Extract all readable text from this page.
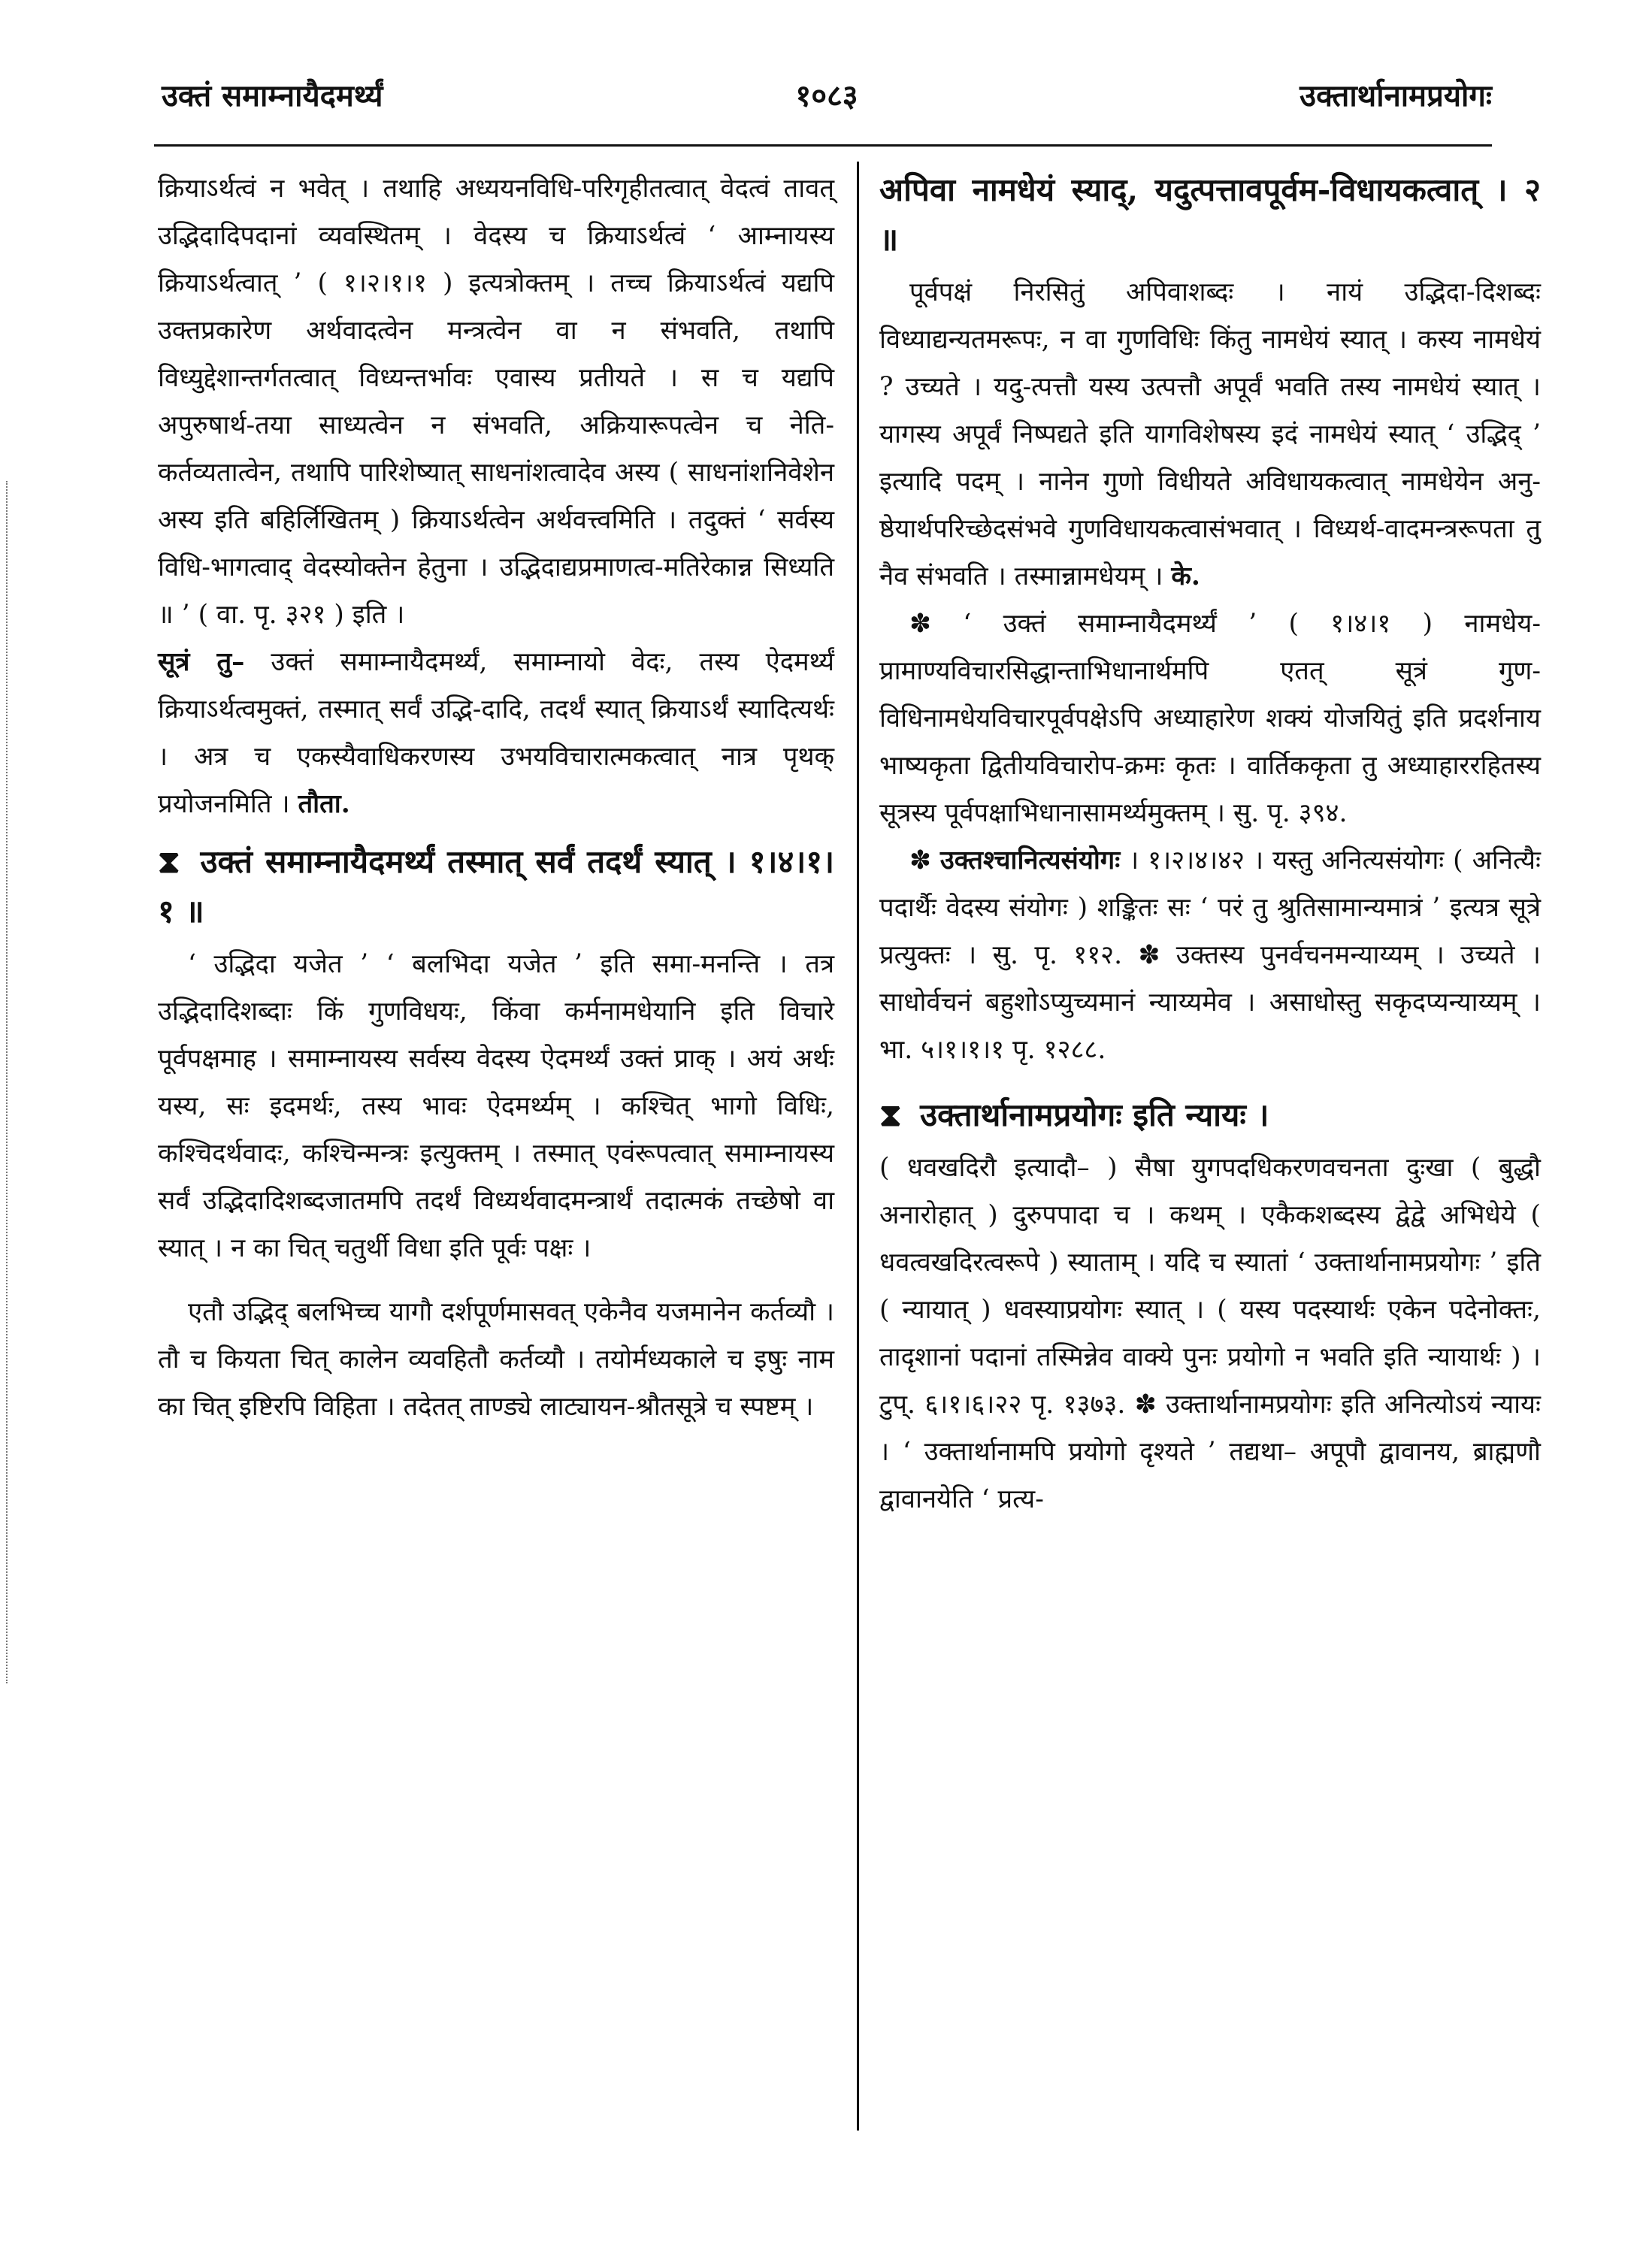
उक्तं समाम्नायैदमर्थ्यं	१०८३	उक्तार्थानामप्रयोगः

क्रियाऽर्थत्वं न भवेत् । तथाहि अध्ययनविधि-परिगृहीतत्वात् वेदत्वं तावत् उद्भिदादिपदानां व्यवस्थितम् । वेदस्य च क्रियाऽर्थत्वं ‘ आम्नायस्य क्रियाऽर्थत्वात् ’ ( १।२।१।१ ) इत्यत्रोक्तम् । तच्च क्रियाऽर्थत्वं यद्यपि उक्तप्रकारेण अर्थवादत्वेन मन्त्रत्वेन वा न संभवति, तथापि विध्युद्देशान्तर्गतत्वात् विध्यन्तर्भावः एवास्य प्रतीयते । स च यद्यपि अपुरुषार्थ-तया साध्यत्वेन न संभवति, अक्रियारूपत्वेन च नेति-कर्तव्यतात्वेन, तथापि पारिशेष्यात् साधनांशत्वादेव अस्य ( साधनांशनिवेशेन अस्य इति बहिर्लिखितम् ) क्रियाऽर्थत्वेन अर्थवत्त्वमिति । तदुक्तं ‘ सर्वस्य विधि-भागत्वाद् वेदस्योक्तेन हेतुना । उद्भिदाद्यप्रमाणत्व-मतिरेकान्न सिध्यति ॥ ’ ( वा. पृ. ३२१ ) इति ।

सूत्रं तु– उक्तं समाम्नायैदमर्थ्यं, समाम्नायो वेदः, तस्य ऐदमर्थ्यं क्रियाऽर्थत्वमुक्तं, तस्मात् सर्वं उद्भि-दादि, तदर्थं स्यात् क्रियाऽर्थं स्यादित्यर्थः । अत्र च एकस्यैवाधिकरणस्य उभयविचारात्मकत्वात् नात्र पृथक् प्रयोजनमिति । तौता.

⧗ उक्तं समाम्नायैदमर्थ्यं तस्मात् सर्वं तदर्थं स्यात् । १।४।१।१ ॥

‘ उद्भिदा यजेत ’ ‘ बलभिदा यजेत ’ इति समा-मनन्ति । तत्र उद्भिदादिशब्दाः किं गुणविधयः, किंवा कर्मनामधेयानि इति विचारे पूर्वपक्षमाह । समाम्नायस्य सर्वस्य वेदस्य ऐदमर्थ्यं उक्तं प्राक् । अयं अर्थः यस्य, सः इदमर्थः, तस्य भावः ऐदमर्थ्यम् । कश्चित् भागो विधिः, कश्चिदर्थवादः, कश्चिन्मन्त्रः इत्युक्तम् । तस्मात् एवंरूपत्वात् समाम्नायस्य सर्वं उद्भिदादिशब्दजातमपि तदर्थं विध्यर्थवादमन्त्रार्थं तदात्मकं तच्छेषो वा स्यात् । न का चित् चतुर्थी विधा इति पूर्वः पक्षः ।

एतौ उद्भिद् बलभिच्च यागौ दर्शपूर्णमासवत् एकेनैव यजमानेन कर्तव्यौ । तौ च कियता चित् कालेन व्यवहितौ कर्तव्यौ । तयोर्मध्यकाले च इषुः नाम का चित् इष्टिरपि विहिता । तदेतत् ताण्ड्ये लाट्यायन-श्रौतसूत्रे च स्पष्टम् ।

अपिवा नामधेयं स्याद्, यदुत्पत्तावपूर्वम-विधायकत्वात् । २ ॥

पूर्वपक्षं निरसितुं अपिवाशब्दः । नायं उद्भिदा-दिशब्दः विध्याद्यन्यतमरूपः, न वा गुणविधिः किंतु नामधेयं स्यात् । कस्य नामधेयं ? उच्यते । यदु-त्पत्तौ यस्य उत्पत्तौ अपूर्वं भवति तस्य नामधेयं स्यात् । यागस्य अपूर्वं निष्पद्यते इति यागविशेषस्य इदं नामधेयं स्यात् ‘ उद्भिद् ’ इत्यादि पदम् । नानेन गुणो विधीयते अविधायकत्वात् नामधेयेन अनु-ष्ठेयार्थपरिच्छेदसंभवे गुणविधायकत्वासंभवात् । विध्यर्थ-वादमन्त्ररूपता तु नैव संभवति । तस्मान्नामधेयम् । के.

✽ ‘ उक्तं समाम्नायैदमर्थ्यं ’ ( १।४।१ ) नामधेय-प्रामाण्यविचारसिद्धान्ताभिधानार्थमपि एतत् सूत्रं गुण-विधिनामधेयविचारपूर्वपक्षेऽपि अध्याहारेण शक्यं योजयितुं इति प्रदर्शनाय भाष्यकृता द्वितीयविचारोप-क्रमः कृतः । वार्तिककृता तु अध्याहाररहितस्य सूत्रस्य पूर्वपक्षाभिधानासामर्थ्यमुक्तम् । सु. पृ. ३९४.

✽ उक्तश्चानित्यसंयोगः । १।२।४।४२ । यस्तु अनित्यसंयोगः ( अनित्यैः पदार्थैः वेदस्य संयोगः ) शङ्कितः सः ‘ परं तु श्रुतिसामान्यमात्रं ’ इत्यत्र सूत्रे प्रत्युक्तः । सु. पृ. ११२. ✽ उक्तस्य पुनर्वचनमन्याय्यम् । उच्यते । साधोर्वचनं बहुशोऽप्युच्यमानं न्याय्यमेव । असाधोस्तु सकृदप्यन्याय्यम् । भा. ५।१।१।१ पृ. १२८८.

⧗ उक्तार्थानामप्रयोगः इति न्यायः ।

( धवखदिरौ इत्यादौ– ) सैषा युगपदधिकरणवचनता दुःखा ( बुद्धौ अनारोहात् ) दुरुपपादा च । कथम् । एकैकशब्दस्य द्वेद्वे अभिधेये ( धवत्वखदिरत्वरूपे ) स्याताम् । यदि च स्यातां ‘ उक्तार्थानामप्रयोगः ’ इति ( न्यायात् ) धवस्याप्रयोगः स्यात् । ( यस्य पदस्यार्थः एकेन पदेनोक्तः, तादृशानां पदानां तस्मिन्नेव वाक्ये पुनः प्रयोगो न भवति इति न्यायार्थः ) । टुप्. ६।१।६।२२ पृ. १३७३. ✽ उक्तार्थानामप्रयोगः इति अनित्योऽयं न्यायः । ‘ उक्तार्थानामपि प्रयोगो दृश्यते ’ तद्यथा– अपूपौ द्वावानय, ब्राह्मणौ द्वावानयेति ‘ प्रत्य-
